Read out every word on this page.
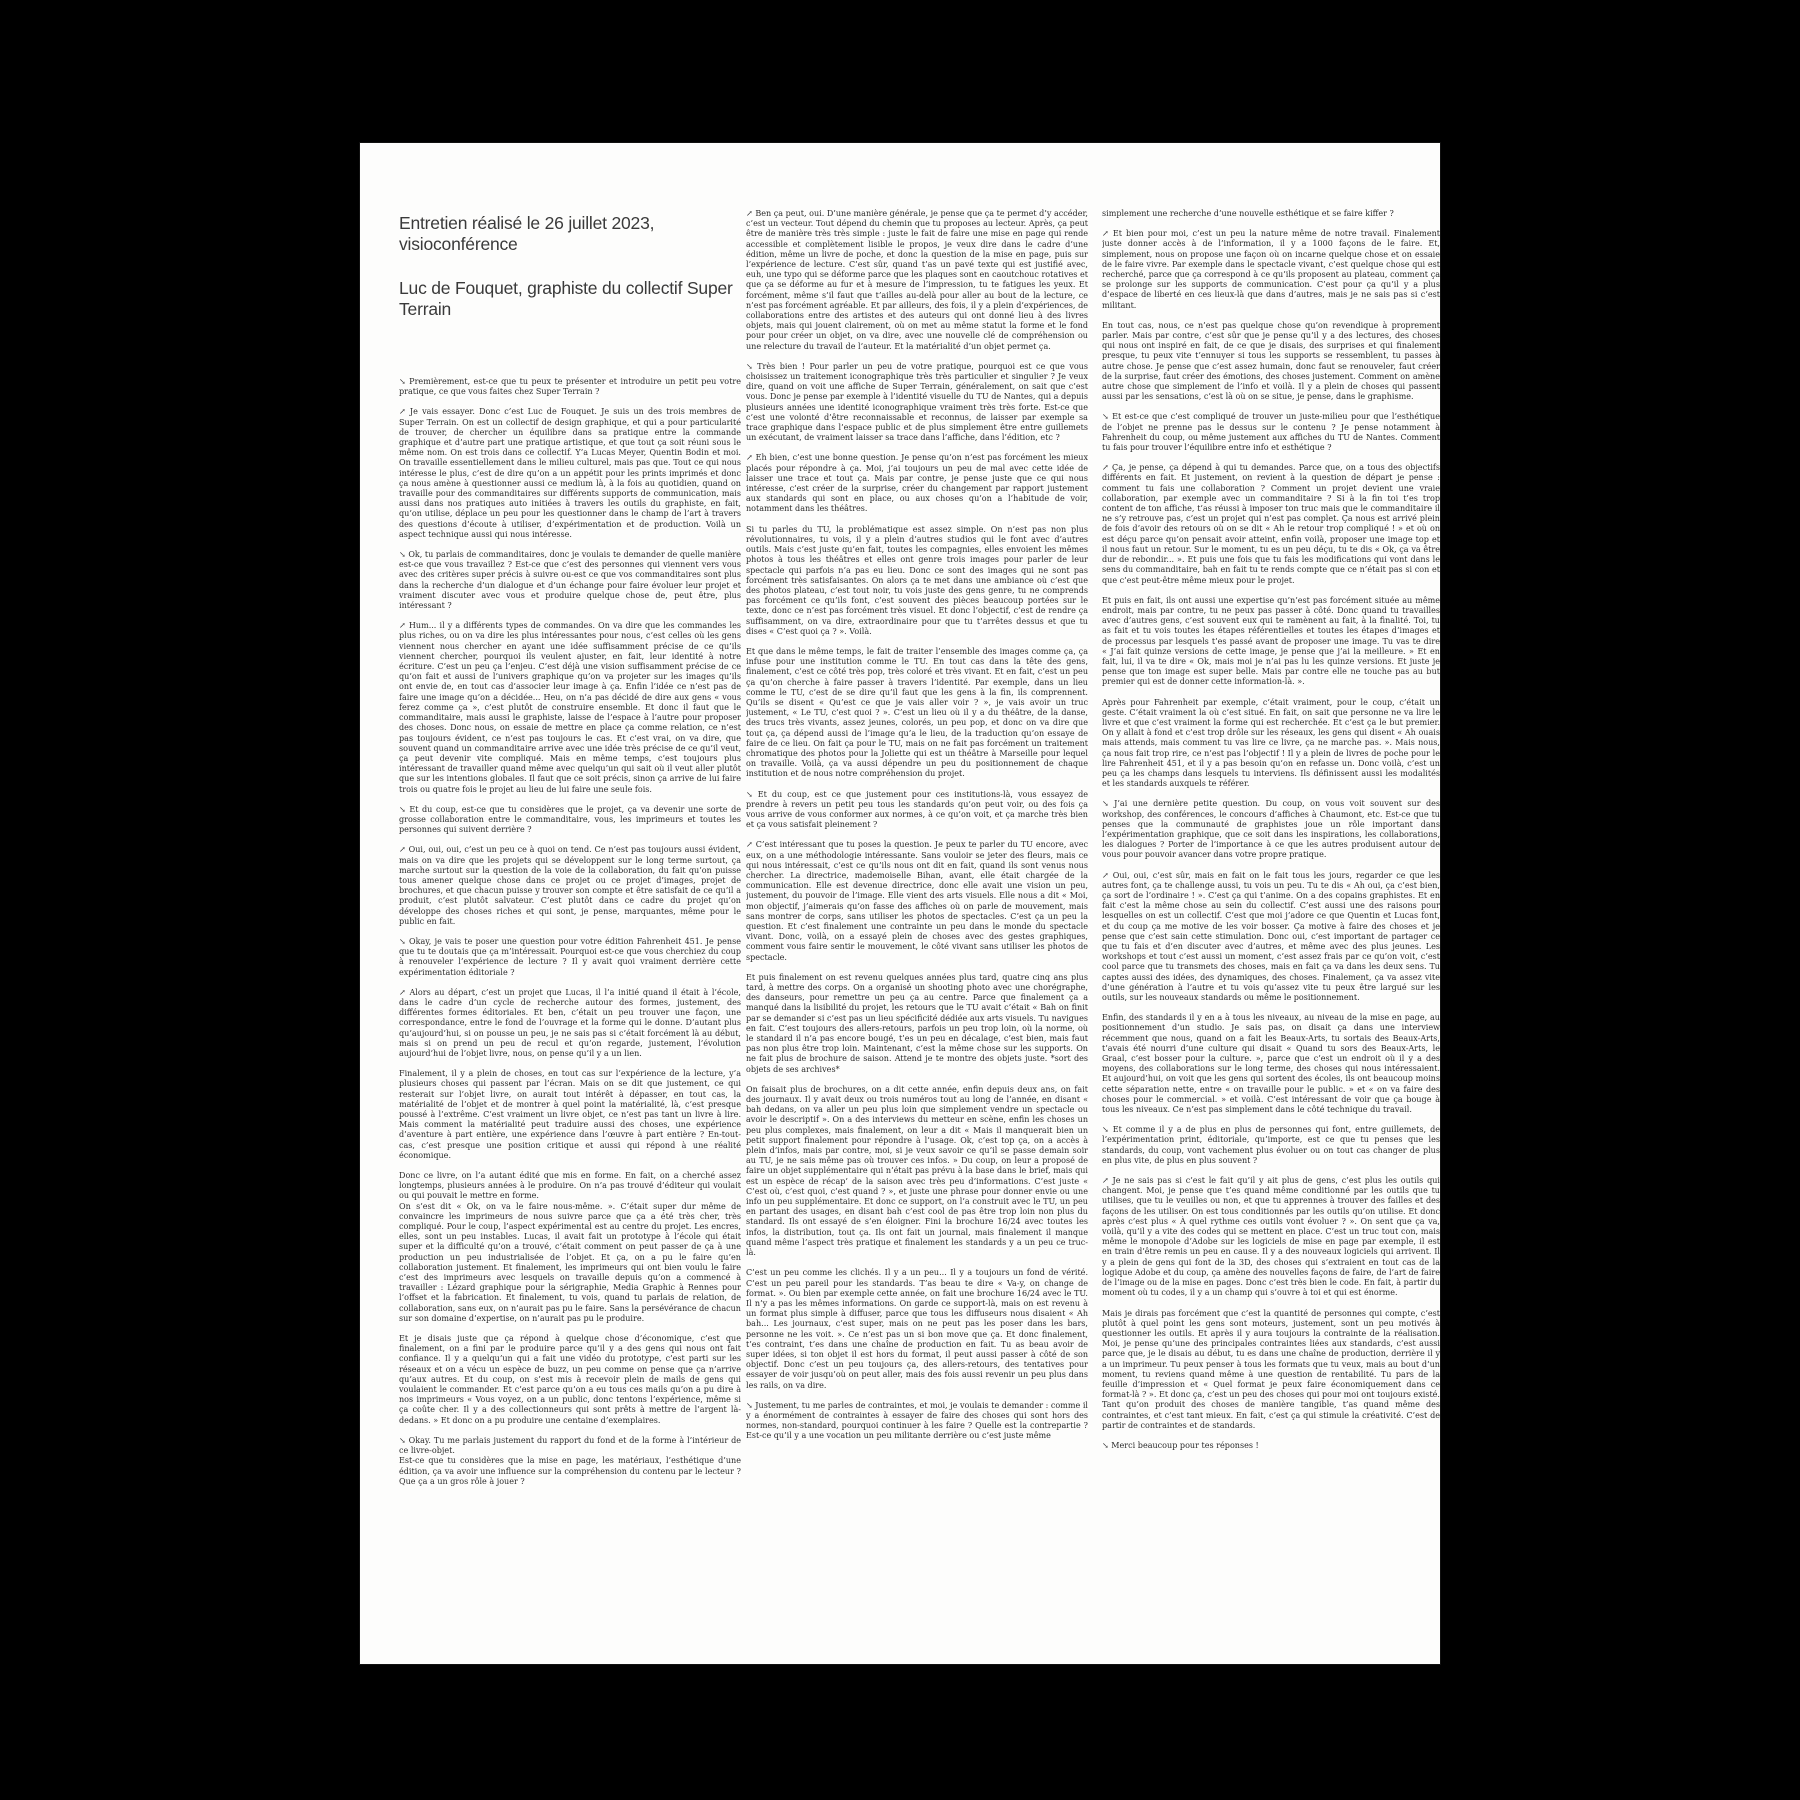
Entretien réalisé le 26 juillet 2023, visioconférence
Luc de Fouquet, graphiste du collectif Super Terrain

↘ Premièrement, est-ce que tu peux te présenter et introduire un petit peu votre pratique, ce que vous faites chez Super Terrain ?

↗ Je vais essayer. Donc c’est Luc de Fouquet. Je suis un des trois membres de Super Terrain. On est un collectif de design graphique, et qui a pour particularité de trouver, de chercher un équilibre dans sa pratique entre la commande graphique et d’autre part une pratique artistique, et que tout ça soit réuni sous le même nom. On est trois dans ce collectif. Y’a Lucas Meyer, Quentin Bodin et moi. On travaille essentiellement dans le milieu culturel, mais pas que. Tout ce qui nous intéresse le plus, c’est de dire qu’on a un appétit pour les prints imprimés et donc ça nous amène à questionner aussi ce medium là, à la fois au quotidien, quand on travaille pour des commanditaires sur différents supports de communication, mais aussi dans nos pratiques auto initiées à travers les outils du graphiste, en fait, qu’on utilise, déplace un peu pour les questionner dans le champ de l’art à travers des questions d’écoute à utiliser, d’expérimentation et de production. Voilà un aspect technique aussi qui nous intéresse.

↘ Ok, tu parlais de commanditaires, donc je voulais te demander de quelle manière est-ce que vous travaillez ? Est-ce que c’est des personnes qui viennent vers vous avec des critères super précis à suivre ou-est ce que vos commanditaires sont plus dans la recherche d’un dialogue et d’un échange pour faire évoluer leur projet et vraiment discuter avec vous et produire quelque chose de, peut être, plus intéressant ?

↗ Hum... il y a différents types de commandes. On va dire que les commandes les plus riches, ou on va dire les plus intéressantes pour nous, c’est celles où les gens viennent nous chercher en ayant une idée suffisamment précise de ce qu’ils viennent chercher, pourquoi ils veulent ajuster, en fait, leur identité à notre écriture. C’est un peu ça l’enjeu. C’est déjà une vision suffisamment précise de ce qu’on fait et aussi de l’univers graphique qu’on va projeter sur les images qu’ils ont envie de, en tout cas d’associer leur image à ça. Enfin l’idée ce n’est pas de faire une image qu’on a décidée... Heu, on n’a pas décidé de dire aux gens « vous ferez comme ça », c’est plutôt de construire ensemble. Et donc il faut que le commanditaire, mais aussi le graphiste, laisse de l’espace à l’autre pour proposer des choses. Donc nous, on essaie de mettre en place ça comme relation, ce n’est pas toujours évident, ce n’est pas toujours le cas. Et c’est vrai, on va dire, que souvent quand un commanditaire arrive avec une idée très précise de ce qu’il veut, ça peut devenir vite compliqué. Mais en même temps, c’est toujours plus intéressant de travailler quand même avec quelqu’un qui sait où il veut aller plutôt que sur les intentions globales. Il faut que ce soit précis, sinon ça arrive de lui faire trois ou quatre fois le projet au lieu de lui faire une seule fois.

↘ Et du coup, est-ce que tu considères que le projet, ça va devenir une sorte de grosse collaboration entre le commanditaire, vous, les imprimeurs et toutes les personnes qui suivent derrière ?

↗ Oui, oui, oui, c’est un peu ce à quoi on tend. Ce n’est pas toujours aussi évident, mais on va dire que les projets qui se développent sur le long terme surtout, ça marche surtout sur la question de la voie de la collaboration, du fait qu’on puisse tous amener quelque chose dans ce projet ou ce projet d’images, projet de brochures, et que chacun puisse y trouver son compte et être satisfait de ce qu’il a produit, c’est plutôt salvateur. C’est plutôt dans ce cadre du projet qu’on développe des choses riches et qui sont, je pense, marquantes, même pour le public en fait.

↘ Okay, je vais te poser une question pour votre édition Fahrenheit 451. Je pense que tu te doutais que ça m’intéressait. Pourquoi est-ce que vous cherchiez du coup à renouveler l’expérience de lecture ? Il y avait quoi vraiment derrière cette expérimentation éditoriale ?

↗ Alors au départ, c’est un projet que Lucas, il l’a initié quand il était à l’école, dans le cadre d’un cycle de recherche autour des formes, justement, des différentes formes éditoriales. Et ben, c’était un peu trouver une façon, une correspondance, entre le fond de l’ouvrage et la forme qui le donne. D’autant plus qu’aujourd’hui, si on pousse un peu, je ne sais pas si c’était forcément là au début, mais si on prend un peu de recul et qu’on regarde, justement, l’évolution aujourd’hui de l’objet livre, nous, on pense qu’il y a un lien.

Finalement, il y a plein de choses, en tout cas sur l’expérience de la lecture, y’a plusieurs choses qui passent par l’écran. Mais on se dit que justement, ce qui resterait sur l’objet livre, on aurait tout intérêt à dépasser, en tout cas, la matérialité de l’objet et de montrer à quel point la matérialité, là, c’est presque poussé à l’extrême. C’est vraiment un livre objet, ce n’est pas tant un livre à lire. Mais comment la matérialité peut traduire aussi des choses, une expérience d’aventure à part entière, une expérience dans l’œuvre à part entière ? En-tout-cas, c’est presque une position critique et aussi qui répond à une réalité économique.

Donc ce livre, on l’a autant édité que mis en forme. En fait, on a cherché assez longtemps, plusieurs années à le produire. On n’a pas trouvé d’éditeur qui voulait ou qui pouvait le mettre en forme.

On s’est dit « Ok, on va le faire nous-même. ». C’était super dur même de convaincre les imprimeurs de nous suivre parce que ça a été très cher, très compliqué. Pour le coup, l’aspect expérimental est au centre du projet. Les encres, elles, sont un peu instables. Lucas, il avait fait un prototype à l’école qui était super et la difficulté qu’on a trouvé, c’était comment on peut passer de ça à une production un peu industrialisée de l’objet. Et ça, on a pu le faire qu’en collaboration justement. Et finalement, les imprimeurs qui ont bien voulu le faire c’est des imprimeurs avec lesquels on travaille depuis qu’on a commencé à travailler : Lézard graphique pour la sérigraphie, Media Graphic à Rennes pour l’offset et la fabrication. Et finalement, tu vois, quand tu parlais de relation, de collaboration, sans eux, on n’aurait pas pu le faire. Sans la persévérance de chacun sur son domaine d’expertise, on n’aurait pas pu le produire.

Et je disais juste que ça répond à quelque chose d’économique, c’est que finalement, on a fini par le produire parce qu’il y a des gens qui nous ont fait confiance. Il y a quelqu’un qui a fait une vidéo du prototype, c’est parti sur les réseaux et on a vécu un espèce de buzz, un peu comme on pense que ça n’arrive qu’aux autres. Et du coup, on s’est mis à recevoir plein de mails de gens qui voulaient le commander. Et c’est parce qu’on a eu tous ces mails qu’on a pu dire à nos imprimeurs « Vous voyez, on a un public, donc tentons l’expérience, même si ça coûte cher. Il y a des collectionneurs qui sont prêts à mettre de l’argent là-dedans. » Et donc on a pu produire une centaine d’exemplaires.

↘ Okay. Tu me parlais justement du rapport du fond et de la forme à l’intérieur de ce livre-objet.

Est-ce que tu considères que la mise en page, les matériaux, l’esthétique d’une édition, ça va avoir une influence sur la compréhension du contenu par le lecteur ? Que ça a un gros rôle à jouer ?

↗ Ben ça peut, oui. D’une manière générale, je pense que ça te permet d’y accéder, c’est un vecteur. Tout dépend du chemin que tu proposes au lecteur. Après, ça peut être de manière très très simple : juste le fait de faire une mise en page qui rende accessible et complètement lisible le propos, je veux dire dans le cadre d’une édition, même un livre de poche, et donc la question de la mise en page, puis sur l’expérience de lecture. C’est sûr, quand t’as un pavé texte qui est justifié avec, euh, une typo qui se déforme parce que les plaques sont en caoutchouc rotatives et que ça se déforme au fur et à mesure de l’impression, tu te fatigues les yeux. Et forcément, même s’il faut que t’ailles au-delà pour aller au bout de la lecture, ce n’est pas forcément agréable. Et par ailleurs, des fois, il y a plein d’expériences, de collaborations entre des artistes et des auteurs qui ont donné lieu à des livres objets, mais qui jouent clairement, où on met au même statut la forme et le fond pour pour créer un objet, on va dire, avec une nouvelle clé de compréhension ou une relecture du travail de l’auteur. Et la matérialité d’un objet permet ça.

↘ Très bien ! Pour parler un peu de votre pratique, pourquoi est ce que vous choisissez un traitement iconographique très très particulier et singulier ? Je veux dire, quand on voit une affiche de Super Terrain, généralement, on sait que c’est vous. Donc je pense par exemple à l’identité visuelle du TU de Nantes, qui a depuis plusieurs années une identité iconographique vraiment très très forte. Est-ce que c’est une volonté d’être reconnaissable et reconnus, de laisser par exemple sa trace graphique dans l’espace public et de plus simplement être entre guillemets un exécutant, de vraiment laisser sa trace dans l’affiche, dans l’édition, etc ?

↗ Eh bien, c’est une bonne question. Je pense qu’on n’est pas forcément les mieux placés pour répondre à ça. Moi, j’ai toujours un peu de mal avec cette idée de laisser une trace et tout ça. Mais par contre, je pense juste que ce qui nous intéresse, c’est créer de la surprise, créer du changement par rapport justement aux standards qui sont en place, ou aux choses qu’on a l’habitude de voir, notamment dans les théâtres.

Si tu parles du TU, la problématique est assez simple. On n’est pas non plus révolutionnaires, tu vois, il y a plein d’autres studios qui le font avec d’autres outils. Mais c’est juste qu’en fait, toutes les compagnies, elles envoient les mêmes photos à tous les théâtres et elles ont genre trois images pour parler de leur spectacle qui parfois n’a pas eu lieu. Donc ce sont des images qui ne sont pas forcément très satisfaisantes. On alors ça te met dans une ambiance où c’est que des photos plateau, c’est tout noir, tu vois juste des gens genre, tu ne comprends pas forcément ce qu’ils font, c’est souvent des pièces beaucoup portées sur le texte, donc ce n’est pas forcément très visuel. Et donc l’objectif, c’est de rendre ça suffisamment, on va dire, extraordinaire pour que tu t’arrêtes dessus et que tu dises « C’est quoi ça ? ». Voilà.

Et que dans le même temps, le fait de traiter l’ensemble des images comme ça, ça infuse pour une institution comme le TU. En tout cas dans la tête des gens, finalement, c’est ce côté très pop, très coloré et très vivant. Et en fait, c’est un peu ça qu’on cherche à faire passer à travers l’identité. Par exemple, dans un lieu comme le TU, c’est de se dire qu’il faut que les gens à la fin, ils comprennent. Qu’ils se disent « Qu’est ce que je vais aller voir ? », je vais avoir un truc justement, « Le TU, c’est quoi ? ». C’est un lieu où il y a du théâtre, de la danse, des trucs très vivants, assez jeunes, colorés, un peu pop, et donc on va dire que tout ça, ça dépend aussi de l’image qu’a le lieu, de la traduction qu’on essaye de faire de ce lieu. On fait ça pour le TU, mais on ne fait pas forcément un traitement chromatique des photos pour la Joliette qui est un théâtre à Marseille pour lequel on travaille. Voilà, ça va aussi dépendre un peu du positionnement de chaque institution et de nous notre compréhension du projet.

↘ Et du coup, est ce que justement pour ces institutions-là, vous essayez de prendre à revers un petit peu tous les standards qu’on peut voir, ou des fois ça vous arrive de vous conformer aux normes, à ce qu’on voit, et ça marche très bien et ça vous satisfait pleinement ?

↗ C’est intéressant que tu poses la question. Je peux te parler du TU encore, avec eux, on a une méthodologie intéressante. Sans vouloir se jeter des fleurs, mais ce qui nous intéressait, c’est ce qu’ils nous ont dit en fait, quand ils sont venus nous chercher. La directrice, mademoiselle Bihan, avant, elle était chargée de la communication. Elle est devenue directrice, donc elle avait une vision un peu, justement, du pouvoir de l’image. Elle vient des arts visuels. Elle nous a dit « Moi, mon objectif, j’aimerais qu’on fasse des affiches où on parle de mouvement, mais sans montrer de corps, sans utiliser les photos de spectacles. C’est ça un peu la question. Et c’est finalement une contrainte un peu dans le monde du spectacle vivant. Donc, voilà, on a essayé plein de choses avec des gestes graphiques, comment vous faire sentir le mouvement, le côté vivant sans utiliser les photos de spectacle.

Et puis finalement on est revenu quelques années plus tard, quatre cinq ans plus tard, à mettre des corps. On a organisé un shooting photo avec une chorégraphe, des danseurs, pour remettre un peu ça au centre. Parce que finalement ça a manqué dans la lisibilité du projet, les retours que le TU avait c’était « Bah on finit par se demander si c’est pas un lieu spécificité dédiée aux arts visuels. Tu navigues en fait. C’est toujours des allers-retours, parfois un peu trop loin, où la norme, où le standard il n’a pas encore bougé, t’es un peu en décalage, c’est bien, mais faut pas non plus être trop loin. Maintenant, c’est la même chose sur les supports. On ne fait plus de brochure de saison. Attend je te montre des objets juste. *sort des objets de ses archives*

On faisait plus de brochures, on a dit cette année, enfin depuis deux ans, on fait des journaux. Il y avait deux ou trois numéros tout au long de l’année, en disant « bah dedans, on va aller un peu plus loin que simplement vendre un spectacle ou avoir le descriptif ». On a des interviews du metteur en scène, enfin les choses un peu plus complexes, mais finalement, on leur a dit « Mais il manquerait bien un petit support finalement pour répondre à l’usage. Ok, c’est top ça, on a accès à plein d’infos, mais par contre, moi, si je veux savoir ce qu’il se passe demain soir au TU, je ne sais même pas où trouver ces infos. » Du coup, on leur a proposé de faire un objet supplémentaire qui n’était pas prévu à la base dans le brief, mais qui est un espèce de récap’ de la saison avec très peu d’informations. C’est juste « C’est où, c’est quoi, c’est quand ? », et juste une phrase pour donner envie ou une info un peu supplémentaire. Et donc ce support, on l’a construit avec le TU, un peu en partant des usages, en disant bah c’est cool de pas être trop loin non plus du standard. Ils ont essayé de s’en éloigner. Fini la brochure 16/24 avec toutes les infos, la distribution, tout ça. Ils ont fait un journal, mais finalement il manque quand même l’aspect très pratique et finalement les standards y a un peu ce truc-là.

C’est un peu comme les clichés. Il y a un peu... Il y a toujours un fond de vérité. C’est un peu pareil pour les standards. T’as beau te dire « Va-y, on change de format. ». Ou bien par exemple cette année, on fait une brochure 16/24 avec le TU. Il n’y a pas les mêmes informations. On garde ce support-là, mais on est revenu à un format plus simple à diffuser, parce que tous les diffuseurs nous disaient « Ah bah... Les journaux, c’est super, mais on ne peut pas les poser dans les bars, personne ne les voit. ». Ce n’est pas un si bon move que ça. Et donc finalement, t’es contraint, t’es dans une chaîne de production en fait. Tu as beau avoir de super idées, si ton objet il est hors du format, il peut aussi passer à côté de son objectif. Donc c’est un peu toujours ça, des allers-retours, des tentatives pour essayer de voir jusqu’où on peut aller, mais des fois aussi revenir un peu plus dans les rails, on va dire.

↘ Justement, tu me parles de contraintes, et moi, je voulais te demander : comme il y a énormément de contraintes à essayer de faire des choses qui sont hors des normes, non-standard, pourquoi continuer à les faire ? Quelle est la contrepartie ? Est-ce qu’il y a une vocation un peu militante derrière ou c’est juste même

simplement une recherche d’une nouvelle esthétique et se faire kiffer ?

↗ Et bien pour moi, c’est un peu la nature même de notre travail. Finalement juste donner accès à de l’information, il y a 1000 façons de le faire. Et, simplement, nous on propose une façon où on incarne quelque chose et on essaie de le faire vivre. Par exemple dans le spectacle vivant, c’est quelque chose qui est recherché, parce que ça correspond à ce qu’ils proposent au plateau, comment ça se prolonge sur les supports de communication. C’est pour ça qu’il y a plus d’espace de liberté en ces lieux-là que dans d’autres, mais je ne sais pas si c’est militant.

En tout cas, nous, ce n’est pas quelque chose qu’on revendique à proprement parler. Mais par contre, c’est sûr que je pense qu’il y a des lectures, des choses qui nous ont inspiré en fait, de ce que je disais, des surprises et qui finalement presque, tu peux vite t’ennuyer si tous les supports se ressemblent, tu passes à autre chose. Je pense que c’est assez humain, donc faut se renouveler, faut créer de la surprise, faut créer des émotions, des choses justement. Comment on amène autre chose que simplement de l’info et voilà. Il y a plein de choses qui passent aussi par les sensations, c’est là où on se situe, je pense, dans le graphisme.

↘ Et est-ce que c’est compliqué de trouver un juste-milieu pour que l’esthétique de l’objet ne prenne pas le dessus sur le contenu ? Je pense notamment à Fahrenheit du coup, ou même justement aux affiches du TU de Nantes. Comment tu fais pour trouver l’équilibre entre info et esthétique ?

↗ Ça, je pense, ça dépend à qui tu demandes. Parce que, on a tous des objectifs différents en fait. Et justement, on revient à la question de départ je pense : comment tu fais une collaboration ? Comment un projet devient une vraie collaboration, par exemple avec un commanditaire ? Si à la fin toi t’es trop content de ton affiche, t’as réussi à imposer ton truc mais que le commanditaire il ne s’y retrouve pas, c’est un projet qui n’est pas complet. Ça nous est arrivé plein de fois d’avoir des retours où on se dit « Ah le retour trop compliqué ! » et où on est déçu parce qu’on pensait avoir atteint, enfin voilà, proposer une image top et il nous faut un retour. Sur le moment, tu es un peu déçu, tu te dis « Ok, ça va être dur de rebondir... ». Et puis une fois que tu fais les modifications qui vont dans le sens du commanditaire, bah en fait tu te rends compte que ce n’était pas si con et que c’est peut-être même mieux pour le projet.

Et puis en fait, ils ont aussi une expertise qu’n’est pas forcément située au même endroit, mais par contre, tu ne peux pas passer à côté. Donc quand tu travailles avec d’autres gens, c’est souvent eux qui te ramènent au fait, à la finalité. Toi, tu as fait et tu vois toutes les étapes référentielles et toutes les étapes d’images et de processus par lesquels t’es passé avant de proposer une image. Tu vas te dire « J’ai fait quinze versions de cette image, je pense que j’ai la meilleure. » Et en fait, lui, il va te dire « Ok, mais moi je n’ai pas lu les quinze versions. Et juste je pense que ton image est super belle. Mais par contre elle ne touche pas au but premier qui est de donner cette information-là. ».

Après pour Fahrenheit par exemple, c’était vraiment, pour le coup, c’était un geste. C’était vraiment la où c’est situé. En fait, on sait que personne ne va lire le livre et que c’est vraiment la forme qui est recherchée. Et c’est ça le but premier. On y allait à fond et c’est trop drôle sur les réseaux, les gens qui disent « Ah ouais mais attends, mais comment tu vas lire ce livre, ça ne marche pas. ». Mais nous, ça nous fait trop rire, ce n’est pas l’objectif ! Il y a plein de livres de poche pour le lire Fahrenheit 451, et il y a pas besoin qu’on en refasse un. Donc voilà, c’est un peu ça les champs dans lesquels tu interviens. Ils définissent aussi les modalités et les standards auxquels te référer.

↘ J’ai une dernière petite question. Du coup, on vous voit souvent sur des workshop, des conférences, le concours d’affiches à Chaumont, etc. Est-ce que tu penses que la communauté de graphistes joue un rôle important dans l’expérimentation graphique, que ce soit dans les inspirations, les collaborations, les dialogues ? Porter de l’importance à ce que les autres produisent autour de vous pour pouvoir avancer dans votre propre pratique.

↗ Oui, oui, c’est sûr, mais en fait on le fait tous les jours, regarder ce que les autres font, ça te challenge aussi, tu vois un peu. Tu te dis « Ah oui, ça c’est bien, ça sort de l’ordinaire ! ». C’est ça qui t’anime. On a des copains graphistes. Et en fait c’est la même chose au sein du collectif. C’est aussi une des raisons pour lesquelles on est un collectif. C’est que moi j’adore ce que Quentin et Lucas font, et du coup ça me motive de les voir bosser. Ça motive à faire des choses et je pense que c’est sain cette stimulation. Donc oui, c’est important de partager ce que tu fais et d’en discuter avec d’autres, et même avec des plus jeunes. Les workshops et tout c’est aussi un moment, c’est assez frais par ce qu’on voit, c’est cool parce que tu transmets des choses, mais en fait ça va dans les deux sens. Tu captes aussi des idées, des dynamiques, des choses. Finalement, ça va assez vite d’une génération à l’autre et tu vois qu’assez vite tu peux être largué sur les outils, sur les nouveaux standards ou même le positionnement.

Enfin, des standards il y en a à tous les niveaux, au niveau de la mise en page, au positionnement d’un studio. Je sais pas, on disait ça dans une interview récemment que nous, quand on a fait les Beaux-Arts, tu sortais des Beaux-Arts, t’avais été nourri d’une culture qui disait « Quand tu sors des Beaux-Arts, le Graal, c’est bosser pour la culture. », parce que c’est un endroit où il y a des moyens, des collaborations sur le long terme, des choses qui nous intéressaient. Et aujourd’hui, on voit que les gens qui sortent des écoles, ils ont beaucoup moins cette séparation nette, entre « on travaille pour le public. » et « on va faire des choses pour le commercial. » et voilà. C’est intéressant de voir que ça bouge à tous les niveaux. Ce n’est pas simplement dans le côté technique du travail.

↘ Et comme il y a de plus en plus de personnes qui font, entre guillemets, de l’expérimentation print, éditoriale, qu’importe, est ce que tu penses que les standards, du coup, vont vachement plus évoluer ou on tout cas changer de plus en plus vite, de plus en plus souvent ?

↗ Je ne sais pas si c’est le fait qu’il y ait plus de gens, c’est plus les outils qui changent. Moi, je pense que t’es quand même conditionné par les outils que tu utilises, que tu le veuilles ou non, et que tu apprennes à trouver des failles et des façons de les utiliser. On est tous conditionnés par les outils qu’on utilise. Et donc après c’est plus « À quel rythme ces outils vont évoluer ? ». On sent que ça va, voilà, qu’il y a vite des codes qui se mettent en place. C’est un truc tout con, mais même le monopole d’Adobe sur les logiciels de mise en page par exemple, il est en train d’être remis un peu en cause. Il y a des nouveaux logiciels qui arrivent. Il y a plein de gens qui font de la 3D, des choses qui s’extraient en tout cas de la logique Adobe et du coup, ça amène des nouvelles façons de faire, de l’art de faire de l’image ou de la mise en pages. Donc c’est très bien le code. En fait, à partir du moment où tu codes, il y a un champ qui s’ouvre à toi et qui est énorme.

Mais je dirais pas forcément que c’est la quantité de personnes qui compte, c’est plutôt à quel point les gens sont moteurs, justement, sont un peu motivés à questionner les outils. Et après il y aura toujours la contrainte de la réalisation. Moi, je pense qu’une des principales contraintes liées aux standards, c’est aussi parce que, je le disais au début, tu es dans une chaîne de production, derrière il y a un imprimeur. Tu peux penser à tous les formats que tu veux, mais au bout d’un moment, tu reviens quand même à une question de rentabilité. Tu pars de la feuille d’impression et « Quel format je peux faire économiquement dans ce format-là ? ». Et donc ça, c’est un peu des choses qui pour moi ont toujours existé. Tant qu’on produit des choses de manière tangible, t’as quand même des contraintes, et c’est tant mieux. En fait, c’est ça qui stimule la créativité. C’est de partir de contraintes et de standards.

↘ Merci beaucoup pour tes réponses !
